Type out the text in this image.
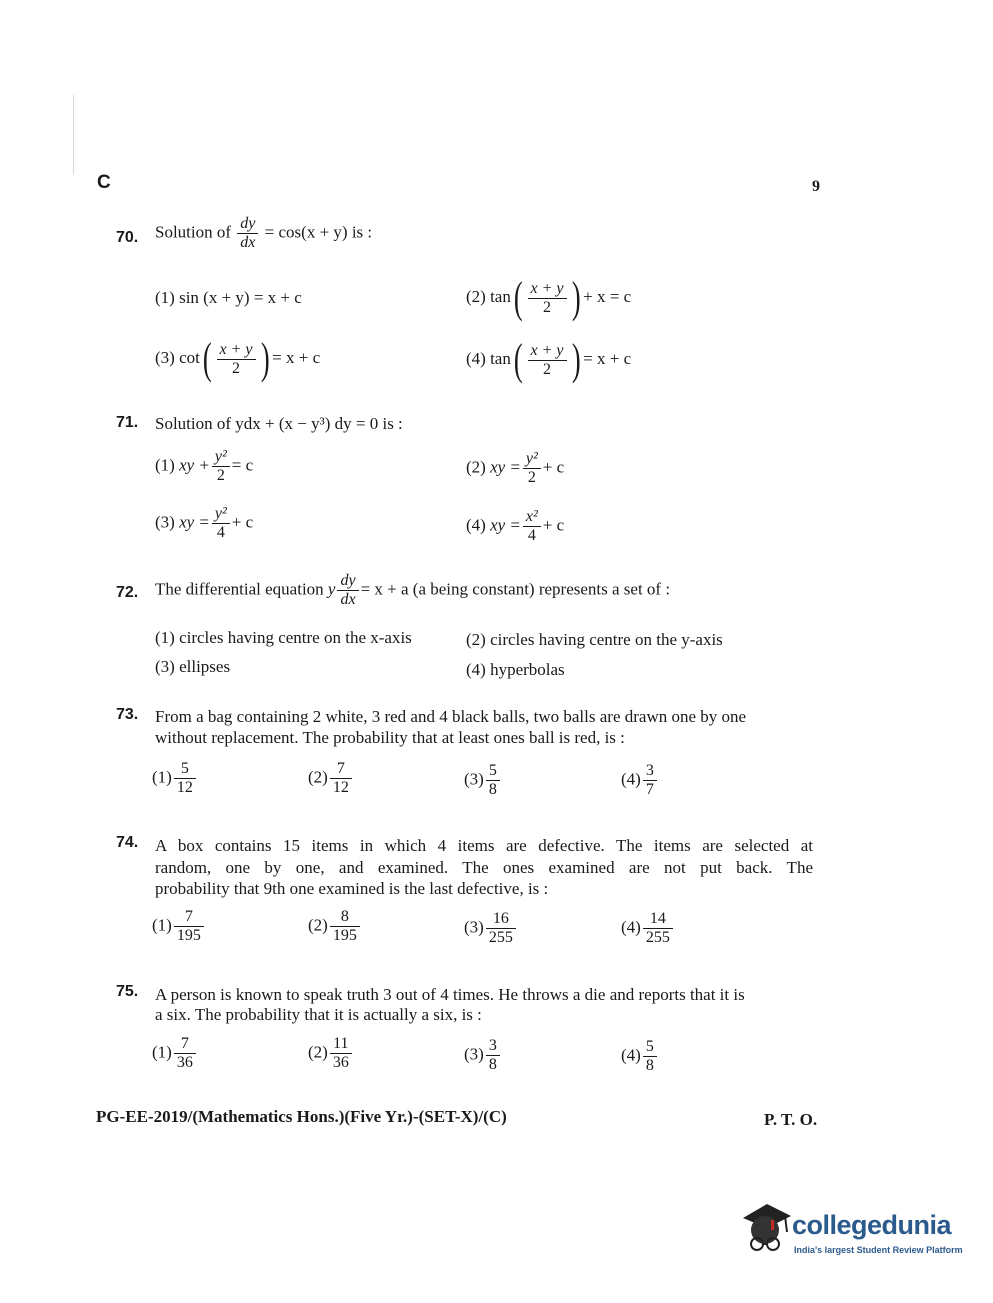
C	9
70. Solution of $\frac{dy}{dx} = \cos(x + y)$ is :
(1) sin (x + y) = x + c	(2) $\tan( \frac{x + y}{2}$ ) + x = c
(3) $\cot( \frac{x + y}{2}$ ) = x + c	(4) $\tan( \frac{x + y}{2}$ ) = x + c
71. Solution of ydx + (x − y³) dy = 0 is :
(1) xy + $\frac{\text{y²}}{2} = c$	(2) xy = $\frac{\text{y²}}{2} + c$
(3) xy = $\frac{\text{y²}}{4} + c$	(4) xy = $\frac{\text{x²}}{4} + c$
72. The differential equation y $\frac{dy}{dx} = x + a$ (a being constant) represents a set of :
(1) circles having centre on the x-axis	(2) circles having centre on the y-axis
(3) ellipses	(4) hyperbolas
73. From a bag containing 2 white, 3 red and 4 black balls, two balls are drawn one by one
without replacement. The probability that at least ones ball is red, is :
$(1) \frac{5}{12}$	$(2) \frac{7}{12}$	$(3) \frac{5}{8}$	$(4) \frac{3}{7}$
74. A box contains 15 items in which 4 items are defective. The items are selected at
random, one by one, and examined. The ones examined are not put back. The
probability that 9th one examined is the last defective, is :
$(1) \frac{7}{195}$	$(2) \frac{8}{195}$	$(3) \frac{16}{255}$	$(4) \frac{14}{255}$
75. A person is known to speak truth 3 out of 4 times. He throws a die and reports that it is
a six. The probability that it is actually a six, is :
$(1) \frac{7}{36}$	$(2) \frac{11}{36}$	$(3) \frac{3}{8}$	$(4) \frac{5}{8}$
PG-EE-2019/(Mathematics Hons.)(Five Yr.)-(SET-X)/(C)	P. T. O.
collegedunia
India's largest Student Review Platform
